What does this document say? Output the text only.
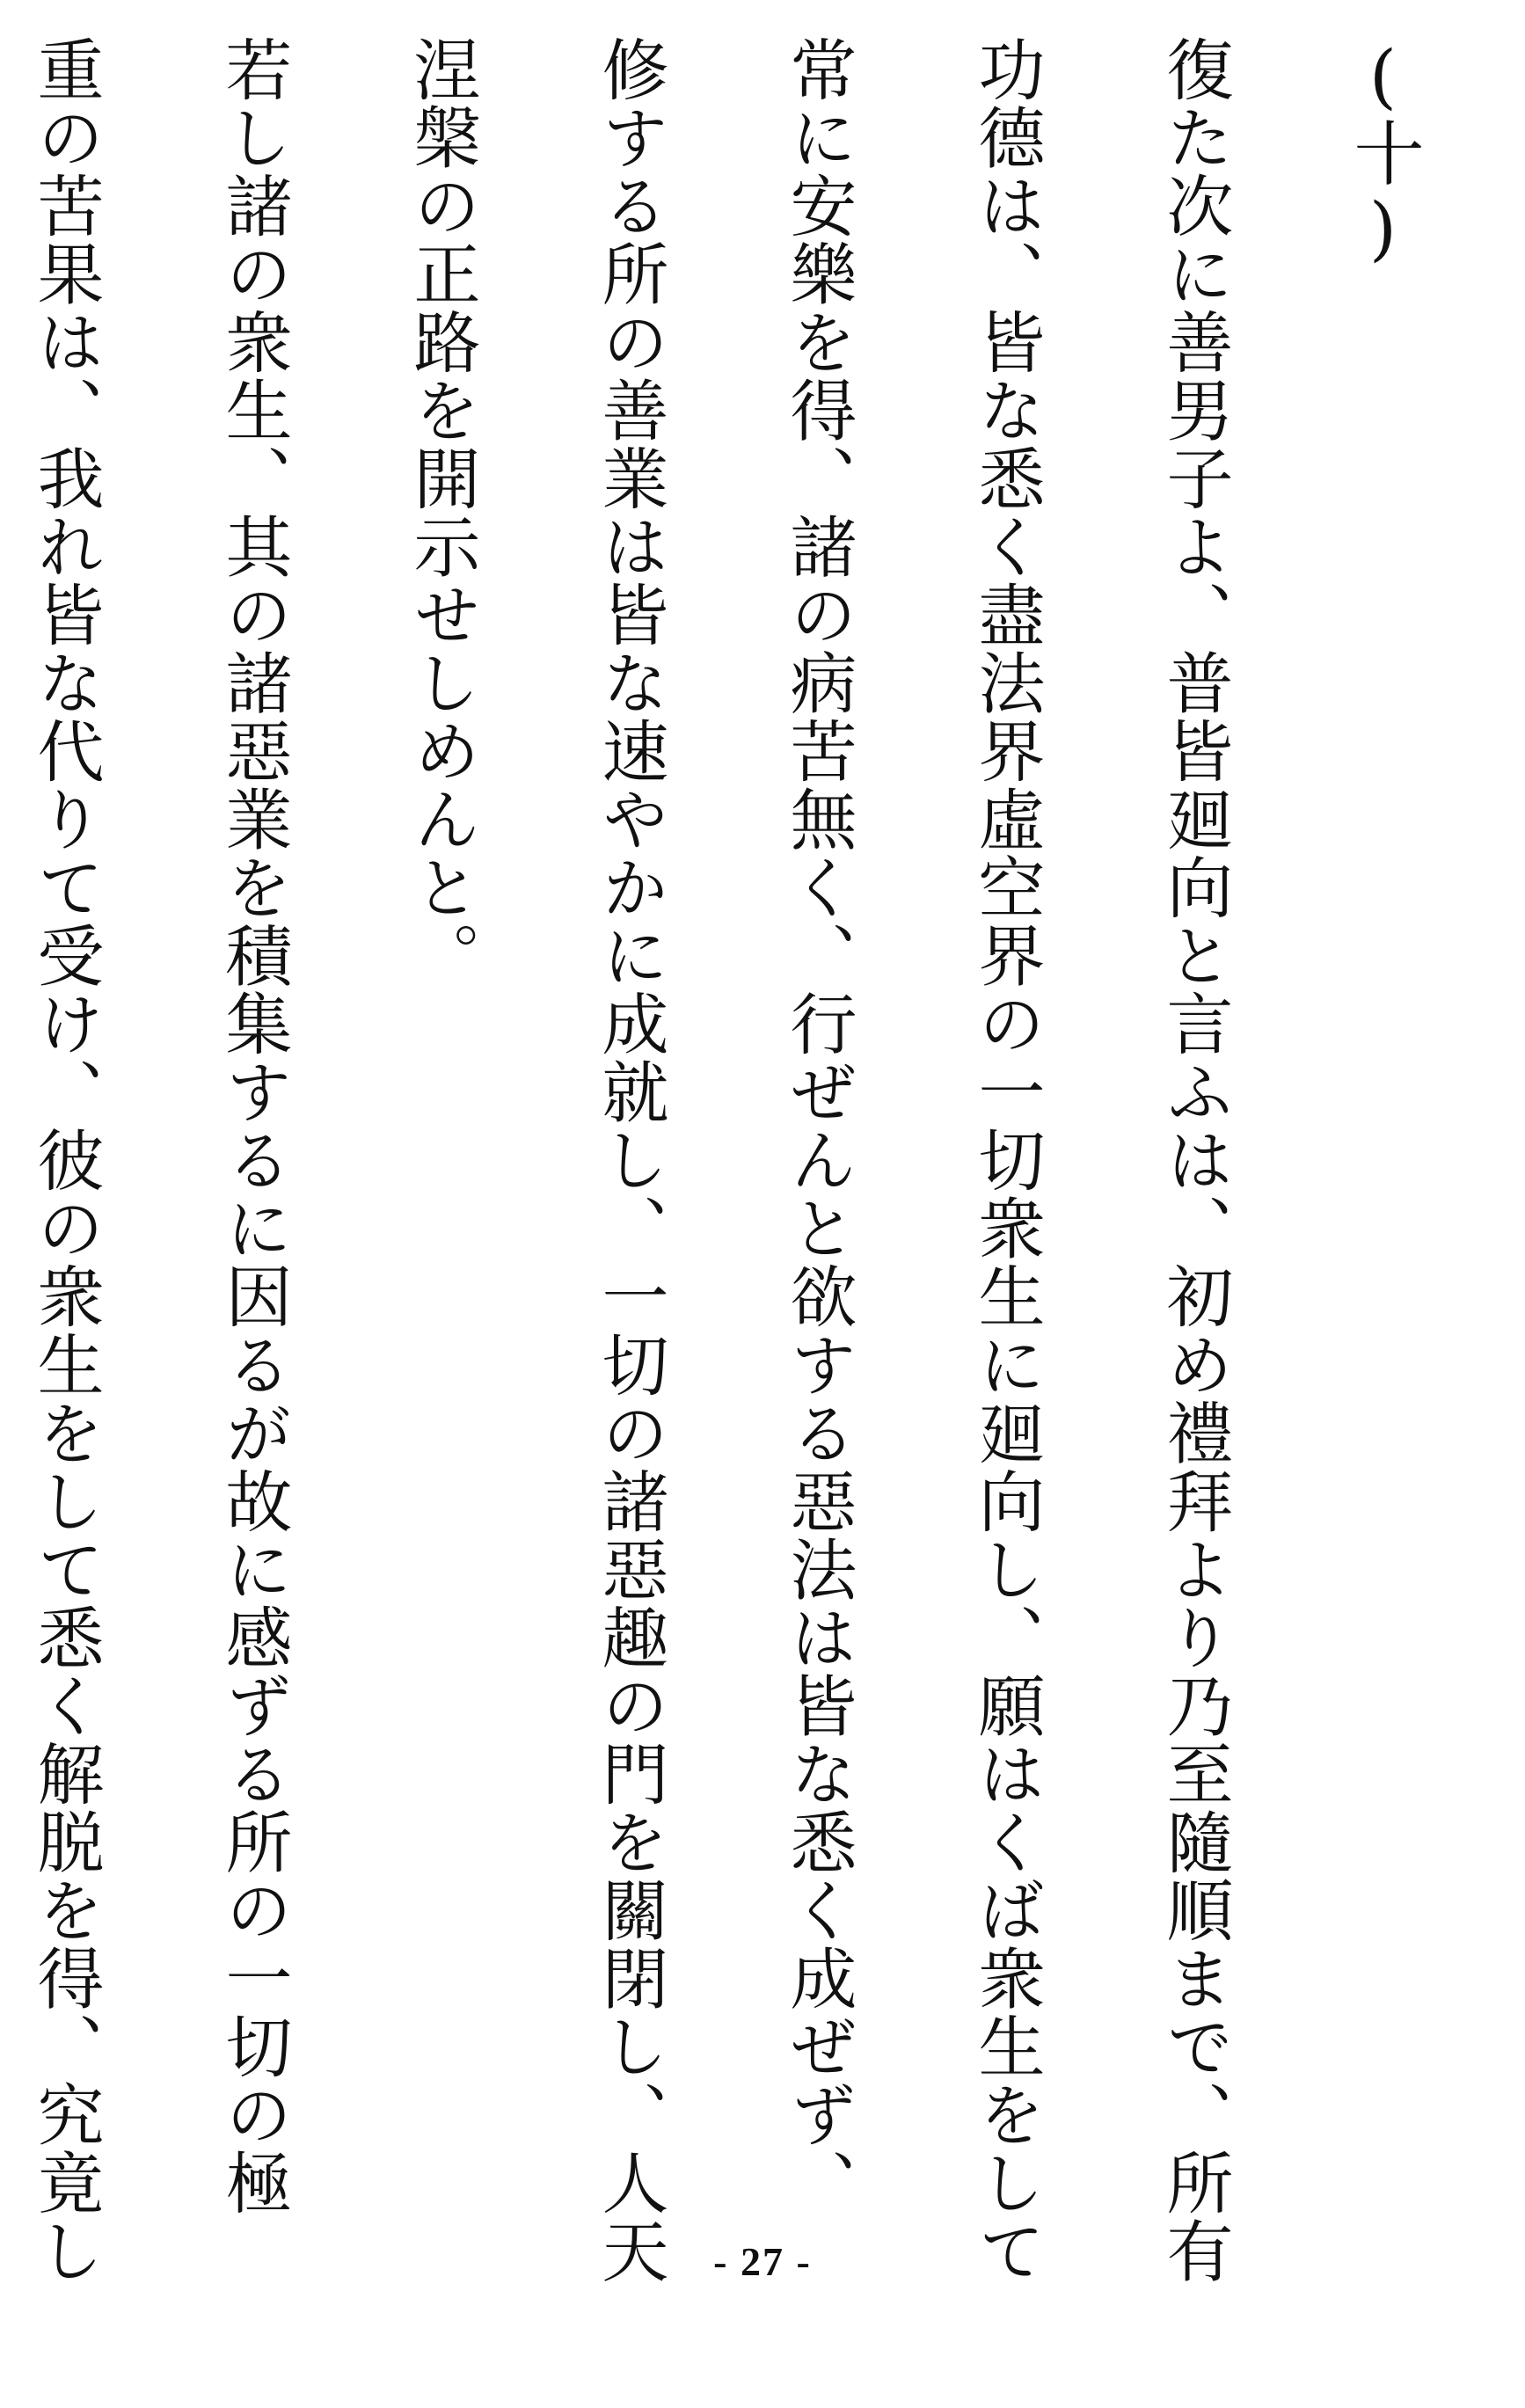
(十)
復た次に善男子よ、普皆廻向と言ふは、初め禮拜より乃至隨順まで、所有
功德は、皆な悉く盡法界虛空界の一切衆生に廻向し、願はくば衆生をして
常に安樂を得、諸の病苦無く、行ぜんと欲する惡法は皆な悉く成ぜず、
修する所の善業は皆な速やかに成就し、一切の諸惡趣の門を關閉し、人天
涅槃の正路を開示せしめんと。
若し諸の衆生、其の諸惡業を積集するに因るが故に感ずる所の一切の極
重の苦果は、我れ皆な代りて受け、彼の衆生をして悉く解脱を得、究竟し	- 27 -
